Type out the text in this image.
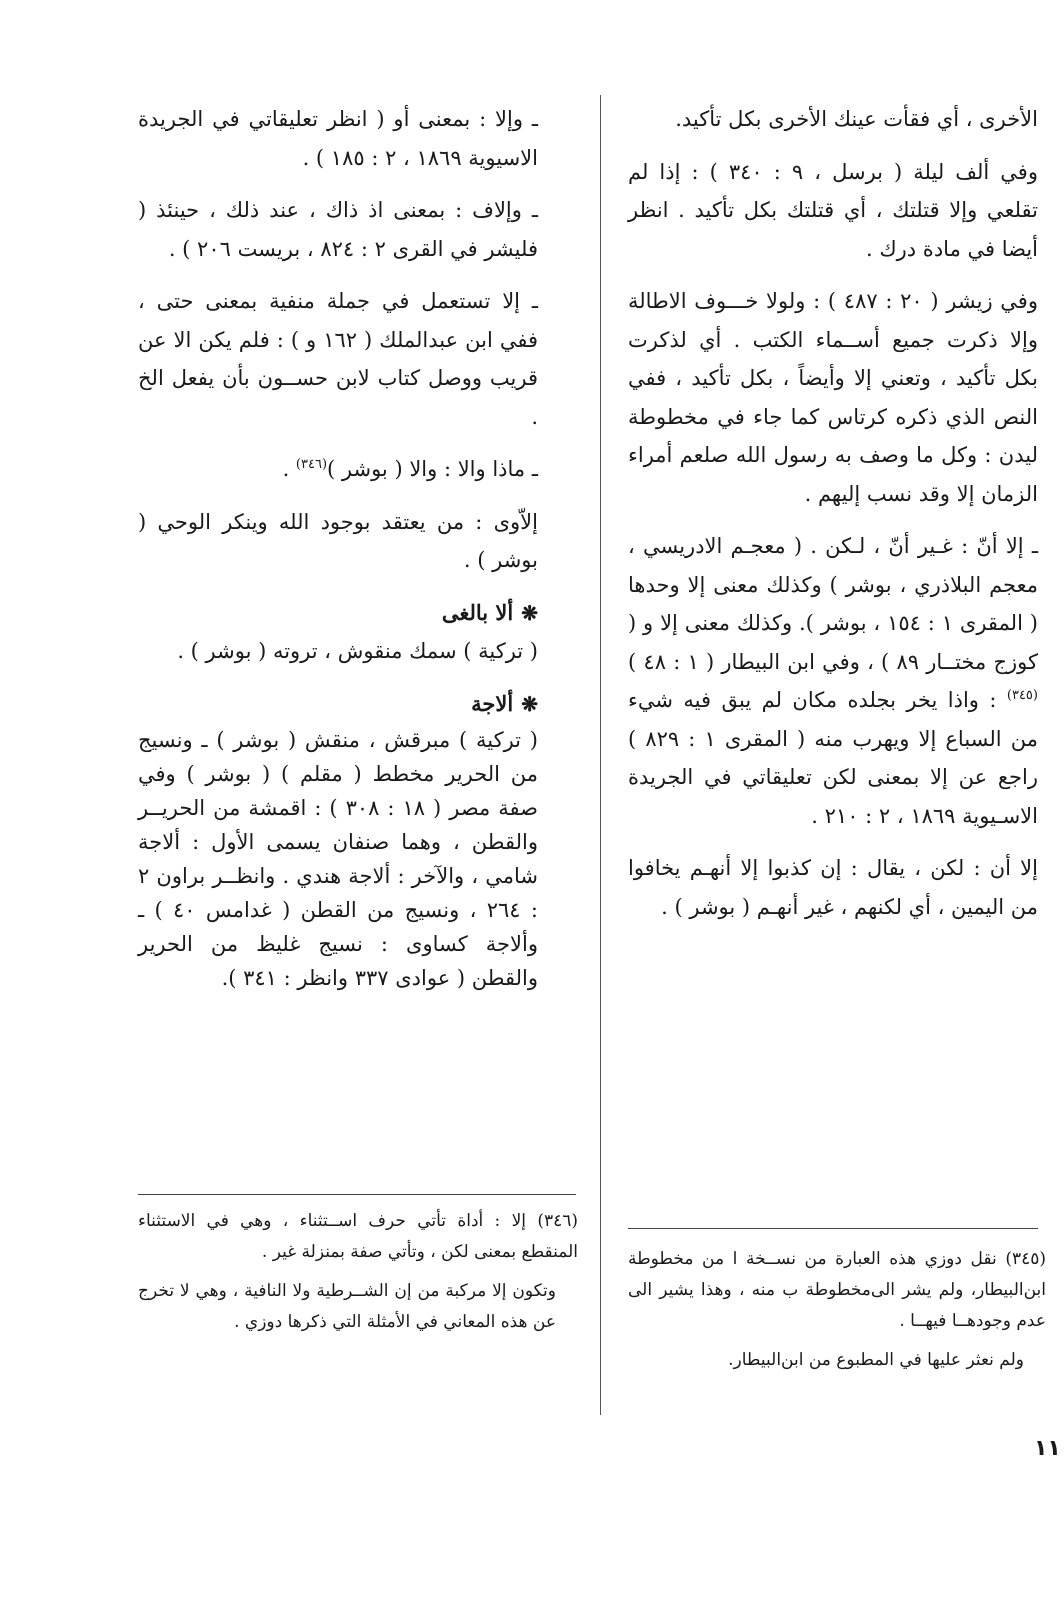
الأخرى ، أي فقأت عينك الأخرى بكل تأكيد.

وفي ألف ليلة ( برسل ، ٩ : ٣٤٠ ) : إذا لم تقلعي وإلا قتلتك ، أي قتلتك بكل تأكيد . انظر أيضا في مادة درك .

وفي زيشر ( ٢٠ : ٤٨٧ ) : ولولا خـــوف الاطالة وإلا ذكرت جميع أســماء الكتب . أي لذكرت بكل تأكيد ، وتعني إلا وأيضاً ، بكل تأكيد ، ففي النص الذي ذكره كرتاس كما جاء في مخطوطة ليدن : وكل ما وصف به رسول الله صلعم أمراء الزمان إلا وقد نسب إليهم .

ـ إلا أنّ : غـير أنّ ، لـكن . ( معجـم الادريسي ، معجم البلاذري ، بوشر ) وكذلك معنى إلا وحدها ( المقرى ١ : ١٥٤ ، بوشر ). وكذلك معنى إلا و ( كوزج مختــار ٨٩ ) ، وفي ابن البيطار ( ١ : ٤٨ )$^{(٣٤٥)}$ : واذا يخر بجلده مكان لم يبق فيه شيء من السباع إلا ويهرب منه ( المقرى ١ : ٨٢٩ ) راجع عن إلا بمعنى لكن تعليقاتي في الجريدة الاسـيوية ١٨٦٩ ، ٢ : ٢١٠ .

إلا أن : لكن ، يقال : إن كذبوا إلا أنهـم يخافوا من اليمين ، أي لكنهم ، غير أنهـم ( بوشر ) .

ـ وإلا : بمعنى أو ( انظر تعليقاتي في الجريدة الاسيوية ١٨٦٩ ، ٢ : ١٨٥ ) .

ـ وإلاف : بمعنى اذ ذاك ، عند ذلك ، حينئذ ( فليشر في القرى ٢ : ٨٢٤ ، بريست ٢٠٦ ) .

ـ إلا تستعمل في جملة منفية بمعنى حتى ، ففي ابن عبدالملك ( ١٦٢ و ) : فلم يكن الا عن قريب ووصل كتاب لابن حســون بأن يفعل الخ .

ـ ماذا والا : والا ( بوشر )$^{(٣٤٦)}$ .

إلاّوى : من يعتقد بوجود الله وينكر الوحي ( بوشر ) .

❋ألا بالغى

( تركية ) سمك منقوش ، تروته ( بوشر ) .

❋ألاجة

( تركية ) مبرقش ، منقش ( بوشر ) ـ ونسيج من الحرير مخطط ( مقلم ) ( بوشر ) وفي صفة مصر ( ١٨ : ٣٠٨ ) : اقمشة من الحريــر والقطن ، وهما صنفان يسمى الأول : ألاجة شامي ، والآخر : ألاجة هندي . وانظــر براون ٢ : ٢٦٤ ، ونسيج من القطن ( غدامس ٤٠ ) ـ وألاجة كساوى : نسيج غليظ من الحرير والقطن ( عوادى ٣٣٧ وانظر : ٣٤١ ).

(٣٤٦) إلا : أداة تأتي حرف اســتثناء ، وهي في الاستثناء المنقطع بمعنى لكن ، وتأتي صفة بمنزلة غير .

وتكون إلا مركبة من إن الشــرطية ولا النافية ، وهي لا تخرج عن هذه المعاني في الأمثلة التي ذكرها دوزي .

(٣٤٥) نقل دوزي هذه العبارة من نســخة ا من مخطوطة ابن‌البيطار، ولم يشر الى‌مخطوطة ب منه ، وهذا يشير الى عدم وجودهــا فيهــا .

ولم نعثر عليها في المطبوع من ابن‌البيطار.

١١
